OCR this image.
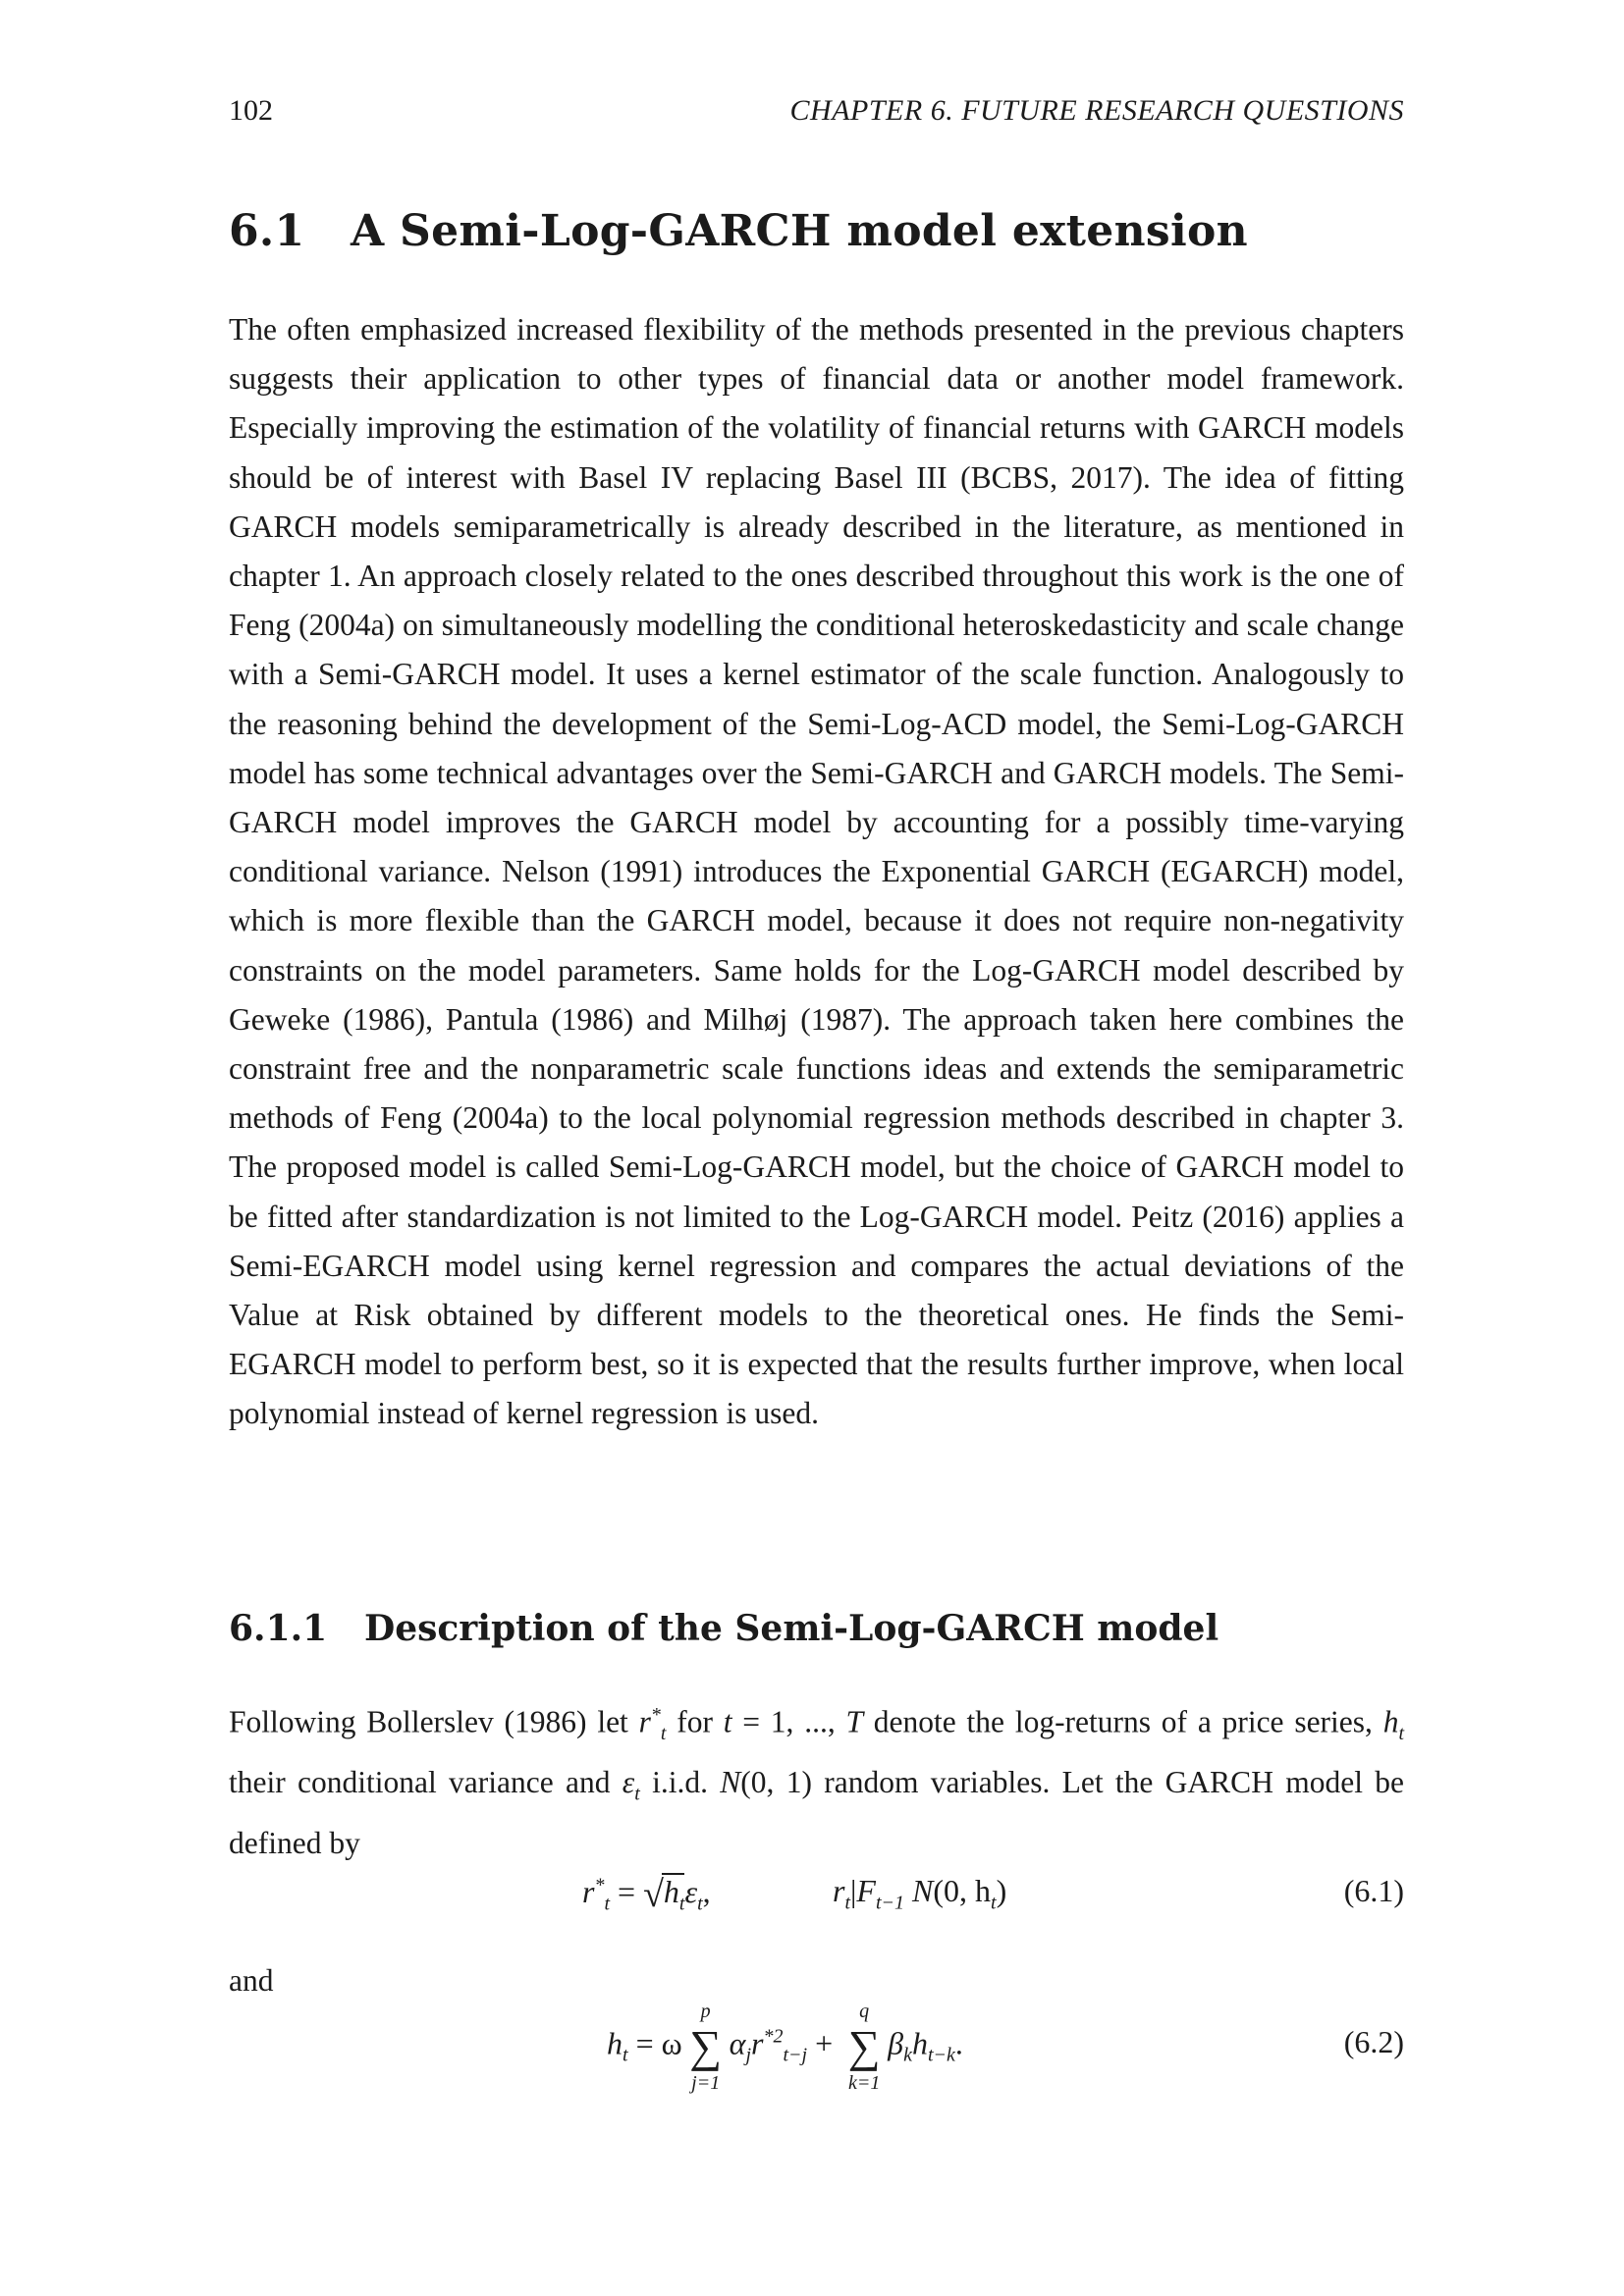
102	CHAPTER 6. FUTURE RESEARCH QUESTIONS
6.1 A Semi-Log-GARCH model extension

The often emphasized increased flexibility of the methods presented in the previous chapters suggests their application to other types of financial data or another model framework. Especially improving the estimation of the volatility of financial returns with GARCH models should be of interest with Basel IV replacing Basel III (BCBS, 2017). The idea of fitting GARCH models semiparametrically is already described in the literature, as mentioned in chapter 1. An approach closely related to the ones described throughout this work is the one of Feng (2004a) on simultaneously modelling the conditional heteroskedasticity and scale change with a Semi-GARCH model. It uses a kernel estimator of the scale function. Analogously to the reasoning behind the development of the Semi-Log-ACD model, the Semi-Log-GARCH model has some technical advantages over the Semi-GARCH and GARCH models. The Semi-GARCH model improves the GARCH model by accounting for a possibly time-varying conditional variance. Nelson (1991) introduces the Exponential GARCH (EGARCH) model, which is more flexible than the GARCH model, because it does not require non-negativity constraints on the model parameters. Same holds for the Log-GARCH model described by Geweke (1986), Pantula (1986) and Milhøj (1987). The approach taken here combines the constraint free and the nonparametric scale functions ideas and extends the semiparametric methods of Feng (2004a) to the local polynomial regression methods described in chapter 3. The proposed model is called Semi-Log-GARCH model, but the choice of GARCH model to be fitted after standardization is not limited to the Log-GARCH model. Peitz (2016) applies a Semi-EGARCH model using kernel regression and compares the actual deviations of the Value at Risk obtained by different models to the theoretical ones. He finds the Semi-EGARCH model to perform best, so it is expected that the results further improve, when local polynomial instead of kernel regression is used.

6.1.1 Description of the Semi-Log-GARCH model

Following Bollerslev (1986) let $r^*_t$ for t = 1, ..., T denote the log-returns of a price series, $h_t$ their conditional variance and $\varepsilon_t$ i.i.d. N(0, 1) random variables. Let the GARCH model be defined by

$r^*_t = √h_t\varepsilon_t$,	$r_t|F_{t-1}$ N(0, $h_t$)	(6.1)
and
$h_t = \omega$
p
∑
j=1
$\alpha_jr^{*2}_{t-j}$ +
q
∑
k=1
$\beta_kh_{t-k}$.	(6.2)
